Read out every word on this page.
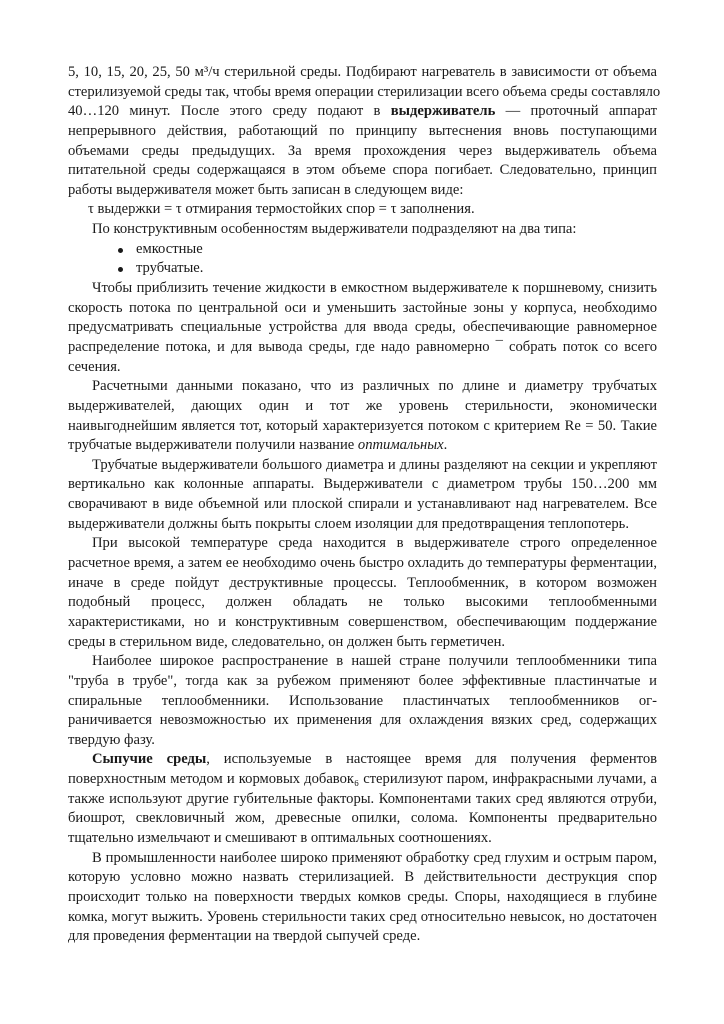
5, 10, 15, 20, 25, 50 м³/ч стерильной среды. Подбирают нагреватель в зависимости от объема
стерилизуемой среды так, чтобы время операции стерилизации всего объема среды составляло
40…120 минут. После этого среду подают в выдерживатель — проточный аппарат
непрерывного действия, работающий по принципу вытеснения вновь поступающими
объемами среды предыдущих. За время прохождения через выдерживатель объема
питательной среды содержащаяся в этом объеме спора погибает. Следовательно, принцип
работы выдерживателя может быть записан в следующем виде:
τ выдержки = τ отмирания термостойких спор = τ заполнения.
По конструктивным особенностям выдерживатели подразделяют на два типа:
емкостные
трубчатые.
Чтобы приблизить течение жидкости в емкостном выдерживателе к поршневому, снизить
скорость потока по центральной оси и уменьшить застойные зоны у корпуса, необходимо
предусматривать специальные устройства для ввода среды, обеспечивающие равномерное
распределение потока, и для вывода среды, где надо равномерно ¯ собрать поток со всего
сечения.
Расчетными данными показано, что из различных по длине и диаметру трубчатых
выдерживателей, дающих один и тот же уровень стерильности, экономически
наивыгоднейшим является тот, который характеризуется потоком с критерием Re = 50. Такие
трубчатые выдерживатели получили название оптимальных.
Трубчатые выдерживатели большого диаметра и длины разделяют на секции и укрепляют
вертикально как колонные аппараты. Выдерживатели с диаметром трубы 150…200 мм
сворачивают в виде объемной или плоской спирали и устанавливают над нагревателем. Все
выдерживатели должны быть покрыты слоем изоляции для предотвращения теплопотерь.
При высокой температуре среда находится в выдерживателе строго определенное
расчетное время, а затем ее необходимо очень быстро охладить до температуры ферментации,
иначе в среде пойдут деструктивные процессы. Теплообменник, в котором возможен
подобный процесс, должен обладать не только высокими теплообменными
характеристиками, но и конструктивным совершенством, обеспечивающим поддержание
среды в стерильном виде, следовательно, он должен быть герметичен.
Наиболее широкое распространение в нашей стране получили теплообменники типа
"труба в трубе", тогда как за рубежом применяют более эффективные пластинчатые и
спиральные теплообменники. Использование пластинчатых теплообменников ог-
раничивается невозможностью их применения для охлаждения вязких сред, содержащих
твердую фазу.
Сыпучие среды, используемые в настоящее время для получения ферментов
поверхностным методом и кормовых добавок₆ стерилизуют паром, инфракрасными лучами, а
также используют другие губительные факторы. Компонентами таких сред являются отруби,
биошрот, свекловичный жом, древесные опилки, солома. Компоненты предварительно
тщательно измельчают и смешивают в оптимальных соотношениях.
В промышленности наиболее широко применяют обработку сред глухим и острым паром,
которую условно можно назвать стерилизацией. В действительности деструкция спор
происходит только на поверхности твердых комков среды. Споры, находящиеся в глубине
комка, могут выжить. Уровень стерильности таких сред относительно невысок, но достаточен
для проведения ферментации на твердой сыпучей среде.
